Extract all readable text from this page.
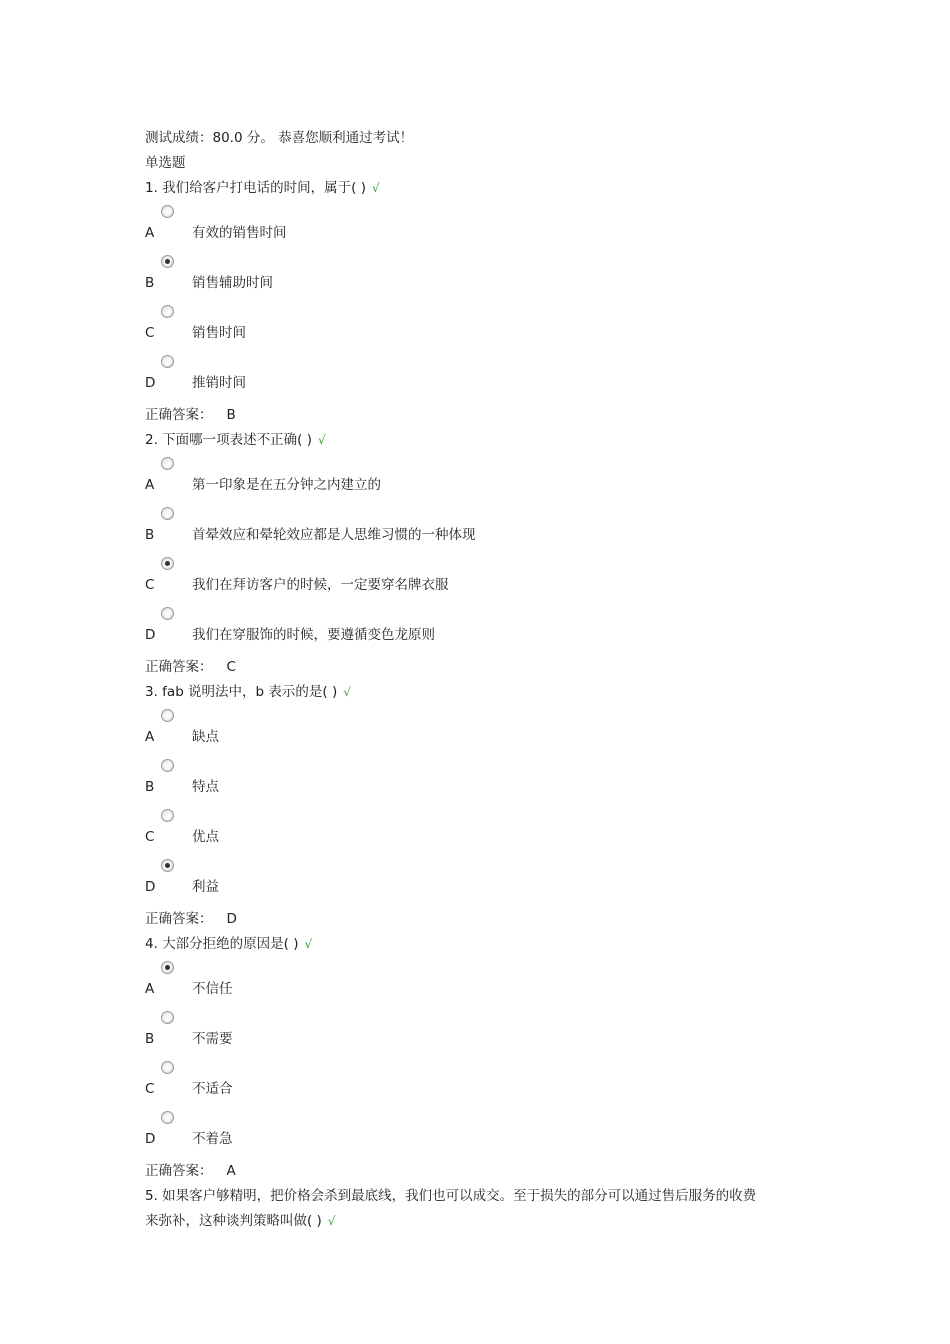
测试成绩：80.0 分。 恭喜您顺利通过考试！
单选题
1. 我们给客户打电话的时间，属于( ) √
A	有效的销售时间
B	销售辅助时间
C	销售时间
D	推销时间
正确答案： B
2. 下面哪一项表述不正确( ) √
A	第一印象是在五分钟之内建立的
B	首晕效应和晕轮效应都是人思维习惯的一种体现
C	我们在拜访客户的时候，一定要穿名牌衣服
D	我们在穿服饰的时候，要遵循变色龙原则
正确答案： C
3. fab 说明法中，b 表示的是( ) √
A	缺点
B	特点
C	优点
D	利益
正确答案： D
4. 大部分拒绝的原因是( ) √
A	不信任
B	不需要
C	不适合
D	不着急
正确答案： A
5. 如果客户够精明，把价格会杀到最底线，我们也可以成交。至于损失的部分可以通过售后服务的收费
来弥补，这种谈判策略叫做( ) √
